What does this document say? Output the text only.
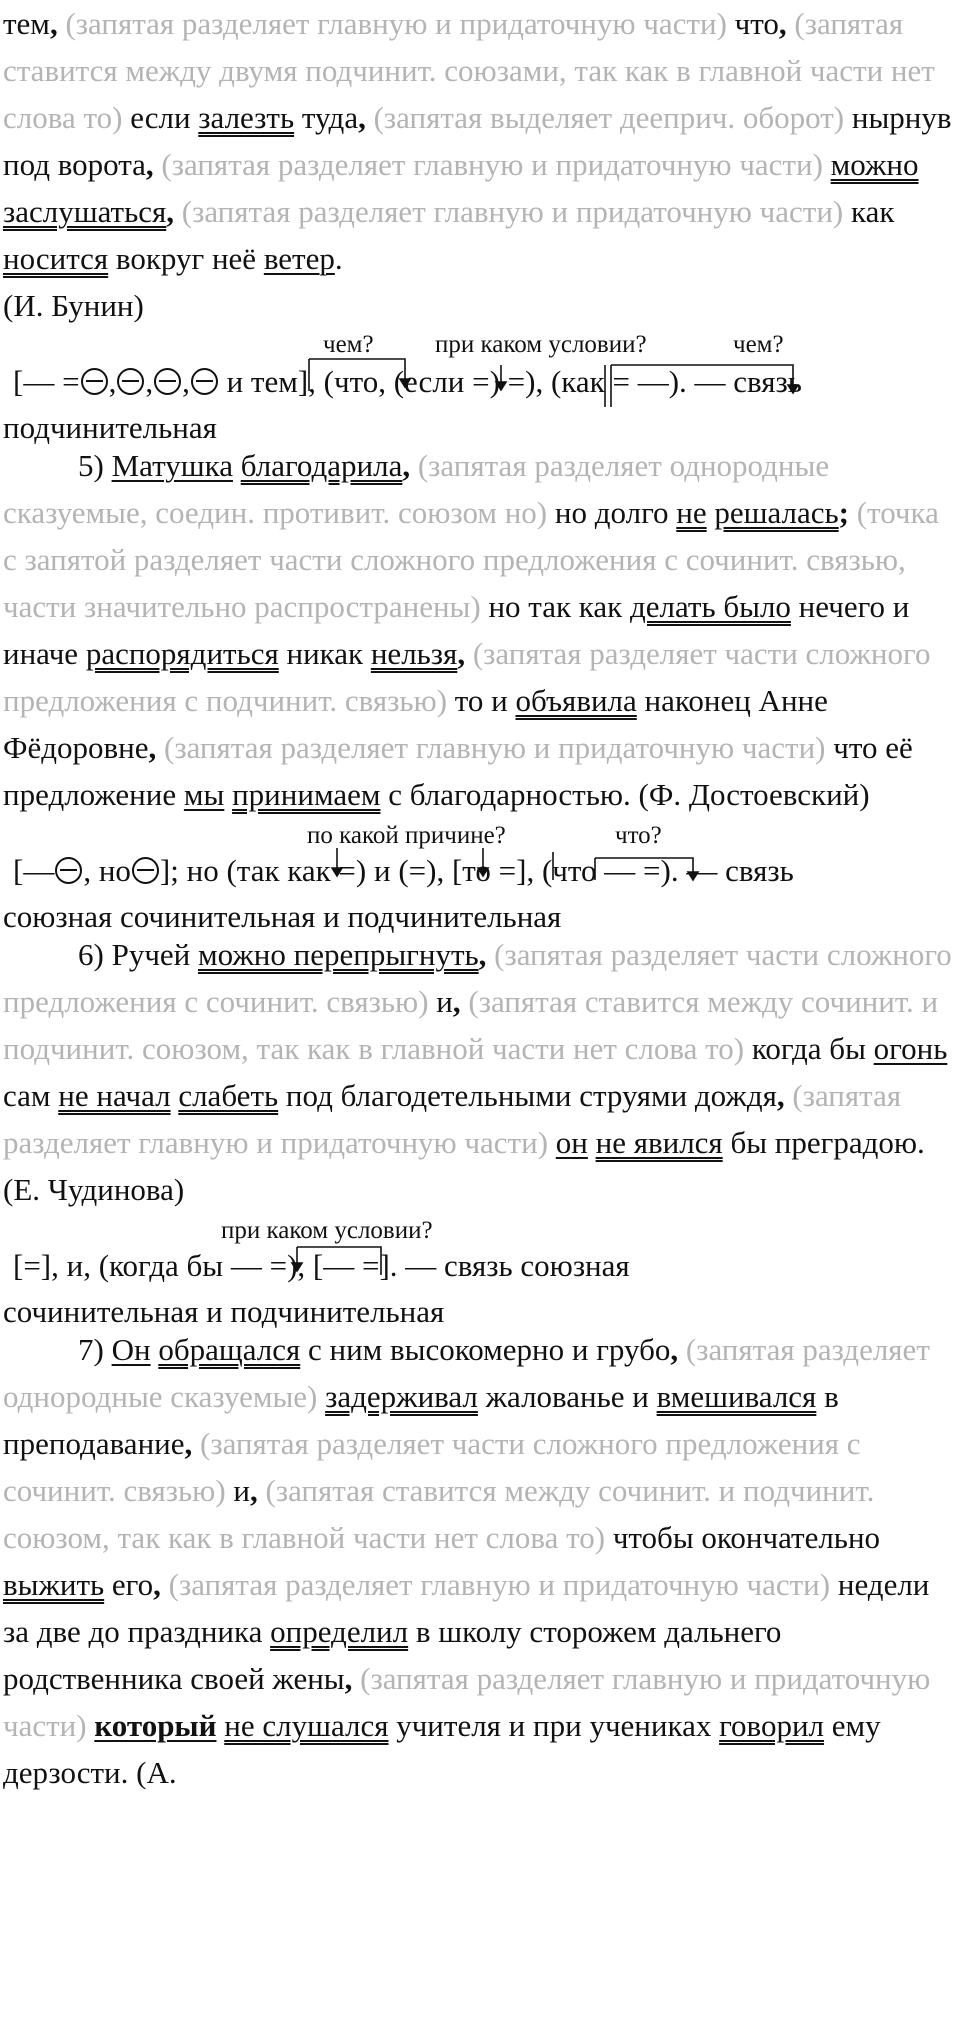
тем, (запятая разделяет главную и придаточную части) что, (запятая ставится между двумя подчинит. союзами, так как в главной части нет слова то) если залезть туда, (запятая выделяет дееприч. оборот) нырнув под ворота, (запятая разделяет главную и придаточную части) можно заслушаться, (запятая разделяет главную и придаточную части) как носится вокруг неё ветер.
(И. Бунин)

чем? при каком условии?	чем?
[— = , , , и тем], (что, (если =) =), (как = —). — связь
подчинительная

5) Матушка благодарила, (запятая разделяет однородные сказуемые, соедин. противит. союзом но) но долго не решалась; (точка с запятой разделяет части сложного предложения с сочинит. связью, части значительно распространены) но так как делать было нечего и иначе распорядиться никак нельзя, (запятая разделяет части сложного предложения с подчинит. связью) то и объявила наконец Анне Фёдоровне, (запятая разделяет главную и придаточную части) что её предложение мы принимаем с благодарностью. (Ф. Достоевский)

по какой причине?	что?
[— , но ]; но (так как =) и (=), [то =], (что — =). — связь
союзная сочинительная и подчинительная

6) Ручей можно перепрыгнуть, (запятая разделяет части сложного предложения с сочинит. связью) и, (запятая ставится между сочинит. и подчинит. союзом, так как в главной части нет слова то) когда бы огонь сам не начал слабеть под благодетельными струями дождя, (запятая разделяет главную и придаточную части) он не явился бы преградою. (Е. Чудинова)

при каком условии?
[=], и, (когда бы — =), [— =]. — связь союзная
сочинительная и подчинительная

7) Он обращался с ним высокомерно и грубо, (запятая разделяет однородные сказуемые) задерживал жалованье и вмешивался в преподавание, (запятая разделяет части сложного предложения с сочинит. связью) и, (запятая ставится между сочинит. и подчинит. союзом, так как в главной части нет слова то) чтобы окончательно выжить его, (запятая разделяет главную и придаточную части) недели за две до праздника определил в школу сторожем дальнего родственника своей жены, (запятая разделяет главную и придаточную части) который не слушался учителя и при учениках говорил ему дерзости. (А.
